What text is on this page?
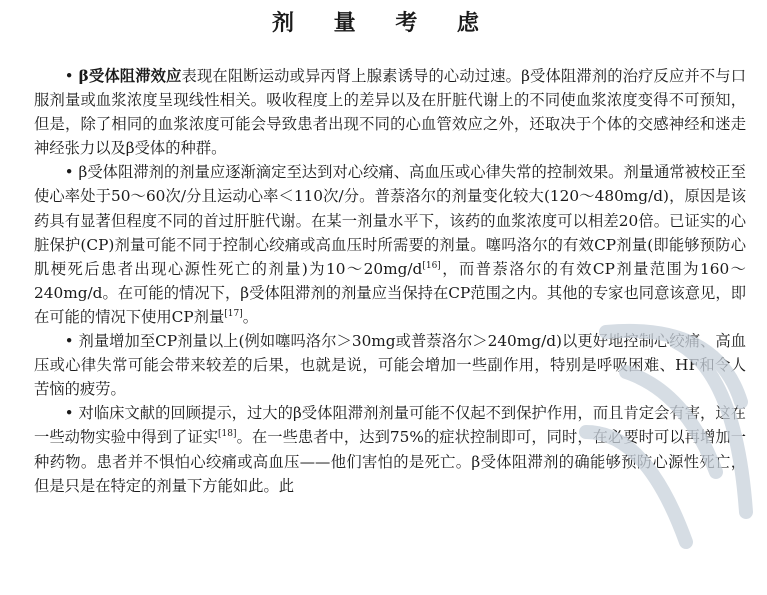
剂 量 考 虑

• β受体阻滞效应表现在阻断运动或异丙肾上腺素诱导的心动过速。β受体阻滞剂的治疗反应并不与口服剂量或血浆浓度呈现线性相关。吸收程度上的差异以及在肝脏代谢上的不同使血浆浓度变得不可预知，但是，除了相同的血浆浓度可能会导致患者出现不同的心血管效应之外，还取决于个体的交感神经和迷走神经张力以及β受体的种群。

• β受体阻滞剂的剂量应逐渐滴定至达到对心绞痛、高血压或心律失常的控制效果。剂量通常被校正至使心率处于50～60次/分且运动心率＜110次/分。普萘洛尔的剂量变化较大(120～480mg/d)，原因是该药具有显著但程度不同的首过肝脏代谢。在某一剂量水平下，该药的血浆浓度可以相差20倍。已证实的心脏保护(CP)剂量可能不同于控制心绞痛或高血压时所需要的剂量。噻吗洛尔的有效CP剂量(即能够预防心肌梗死后患者出现心源性死亡的剂量)为10～20mg/d[16]，而普萘洛尔的有效CP剂量范围为160～240mg/d。在可能的情况下，β受体阻滞剂的剂量应当保持在CP范围之内。其他的专家也同意该意见，即在可能的情况下使用CP剂量[17]。

• 剂量增加至CP剂量以上(例如噻吗洛尔＞30mg或普萘洛尔＞240mg/d)以更好地控制心绞痛、高血压或心律失常可能会带来较差的后果，也就是说，可能会增加一些副作用，特别是呼吸困难、HF和令人苦恼的疲劳。

• 对临床文献的回顾提示，过大的β受体阻滞剂剂量可能不仅起不到保护作用，而且肯定会有害，这在一些动物实验中得到了证实[18]。在一些患者中，达到75%的症状控制即可，同时，在必要时可以再增加一种药物。患者并不惧怕心绞痛或高血压——他们害怕的是死亡。β受体阻滞剂的确能够预防心源性死亡，但是只是在特定的剂量下方能如此。此
